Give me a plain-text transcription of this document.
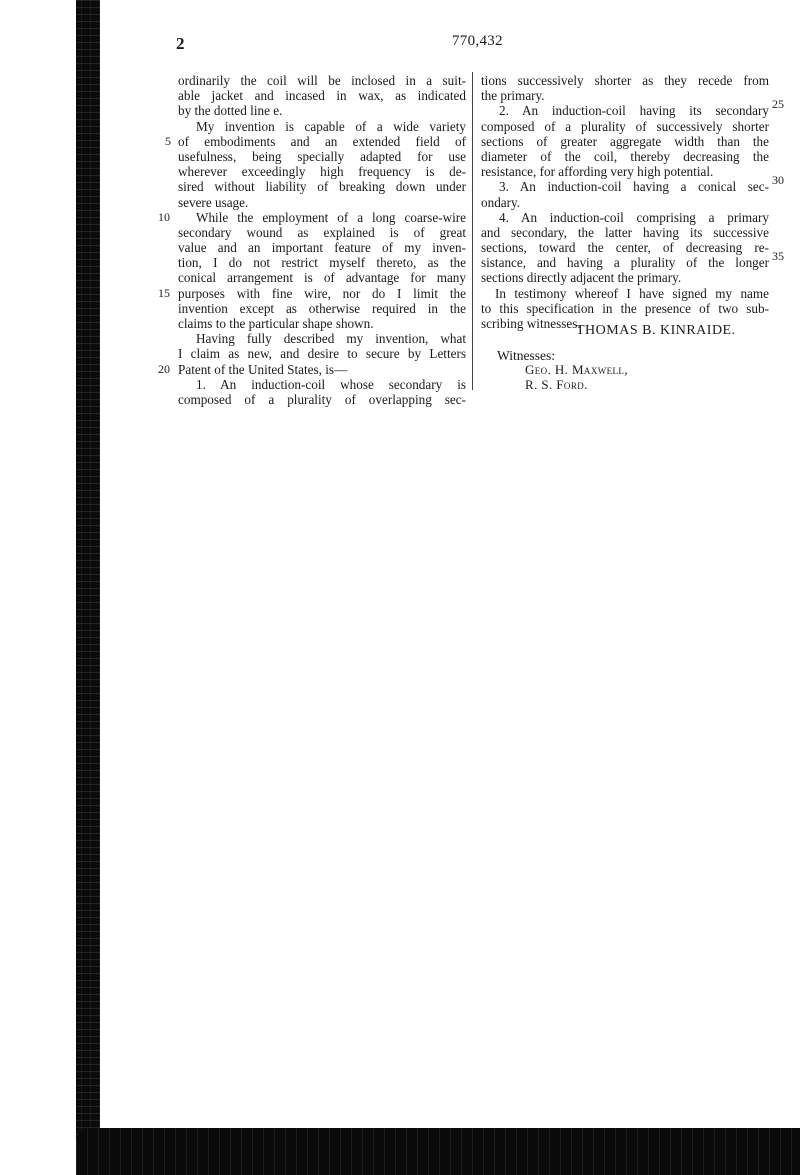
2	770,432
ordinarily the coil will be inclosed in a suit-
able jacket and incased in wax, as indicated
by the dotted line e.
My invention is capable of a wide variety
of embodiments and an extended field of
usefulness, being specially adapted for use
wherever exceedingly high frequency is de-
sired without liability of breaking down under
severe usage.
While the employment of a long coarse-wire
secondary wound as explained is of great
value and an important feature of my inven-
tion, I do not restrict myself thereto, as the
conical arrangement is of advantage for many
purposes with fine wire, nor do I limit the
invention except as otherwise required in the
claims to the particular shape shown.
Having fully described my invention, what
I claim as new, and desire to secure by Letters
Patent of the United States, is—
1. An induction-coil whose secondary is
composed of a plurality of overlapping sec-
5
10
15
20
tions successively shorter as they recede from
the primary.
2. An induction-coil having its secondary
composed of a plurality of successively shorter
sections of greater aggregate width than the
diameter of the coil, thereby decreasing the
resistance, for affording very high potential.
3. An induction-coil having a conical sec-
ondary.
4. An induction-coil comprising a primary
and secondary, the latter having its successive
sections, toward the center, of decreasing re-
sistance, and having a plurality of the longer
sections directly adjacent the primary.
In testimony whereof I have signed my name
to this specification in the presence of two sub-
scribing witnesses.
25
30
35
THOMAS B. KINRAIDE.
Witnesses:
Geo. H. Maxwell,
R. S. Ford.
